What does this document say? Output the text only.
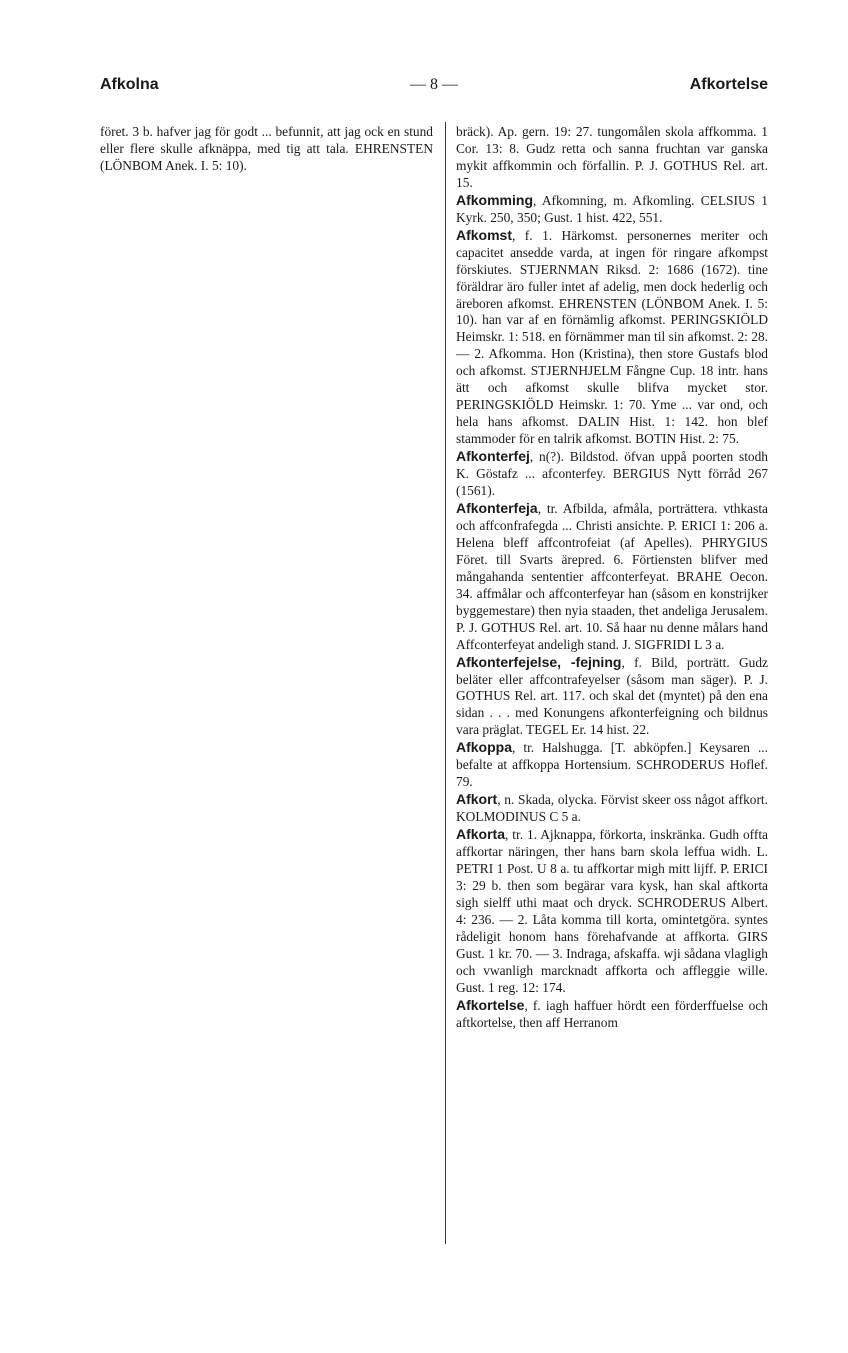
Afkolna	— 8 —	Afkortelse

föret. 3 b. hafver jag för godt ... befunnit, att jag ock en stund eller flere skulle afknäppa, med tig att tala. EHRENSTEN (LÖNBOM Anek. I. 5: 10).

bräck). Ap. gern. 19: 27. tungomålen skola affkomma. 1 Cor. 13: 8. Gudz retta och sanna fruchtan var ganska mykit affkommin och förfallin. P. J. GOTHUS Rel. art. 15.

Afkomming, Afkomning, m. Afkomling. CELSIUS 1 Kyrk. 250, 350; Gust. 1 hist. 422, 551.

Afkomst, f. 1. Härkomst. personernes meriter och capacitet ansedde varda, at ingen för ringare afkompst förskiutes. STJERNMAN Riksd. 2: 1686 (1672). tine föräldrar äro fuller intet af adelig, men dock hederlig och äreboren afkomst. EHRENSTEN (LÖNBOM Anek. I. 5: 10). han var af en förnämlig afkomst. PERINGSKIÖLD Heimskr. 1: 518. en förnämmer man til sin afkomst. 2: 28. — 2. Afkomma. Hon (Kristina), then store Gustafs blod och afkomst. STJERNHJELM Fångne Cup. 18 intr. hans ätt och afkomst skulle blifva mycket stor. PERINGSKIÖLD Heimskr. 1: 70. Yme ... var ond, och hela hans afkomst. DALIN Hist. 1: 142. hon blef stammoder för en talrik afkomst. BOTIN Hist. 2: 75.

Afkonterfej, n(?). Bildstod. öfvan uppå poorten stodh K. Göstafz ... afconterfey. BERGIUS Nytt förråd 267 (1561).

Afkonterfeja, tr. Afbilda, afmåla, porträttera. vthkasta och affconfrafegda ... Christi ansichte. P. ERICI 1: 206 a. Helena bleff affcontrofeiat (af Apelles). PHRYGIUS Föret. till Svarts ärepred. 6. Förtiensten blifver med mångahanda sententier affconterfeyat. BRAHE Oecon. 34. affmålar och affconterfeyar han (såsom en konstrijker byggemestare) then nyia staaden, thet andeliga Jerusalem. P. J. GOTHUS Rel. art. 10. Så haar nu denne målars hand Affconterfeyat andeligh stand. J. SIGFRIDI L 3 a.

Afkonterfejelse, -fejning, f. Bild, porträtt. Gudz beläter eller affcontrafeyelser (såsom man säger). P. J. GOTHUS Rel. art. 117. och skal det (myntet) på den ena sidan . . . med Konungens afkonterfeigning och bildnus vara präglat. TEGEL Er. 14 hist. 22.

Afkoppa, tr. Halshugga. [T. abköpfen.] Keysaren ... befalte at affkoppa Hortensium. SCHRODERUS Hoflef. 79.

Afkort, n. Skada, olycka. Förvist skeer oss något affkort. KOLMODINUS C 5 a.

Afkorta, tr. 1. Ajknappa, förkorta, inskränka. Gudh offta affkortar näringen, ther hans barn skola leffua widh. L. PETRI 1 Post. U 8 a. tu affkortar migh mitt lijff. P. ERICI 3: 29 b. then som begärar vara kysk, han skal aftkorta sigh sielff uthi maat och dryck. SCHRODERUS Albert. 4: 236. — 2. Låta komma till korta, omintetgöra. syntes rådeligit honom hans förehafvande at affkorta. GIRS Gust. 1 kr. 70. — 3. Indraga, afskaffa. wji sådana vlagligh och vwanligh marcknadt affkorta och affleggie wille. Gust. 1 reg. 12: 174.

Afkortelse, f. iagh haffuer hördt een förderffuelse och aftkortelse, then aff Herranom
